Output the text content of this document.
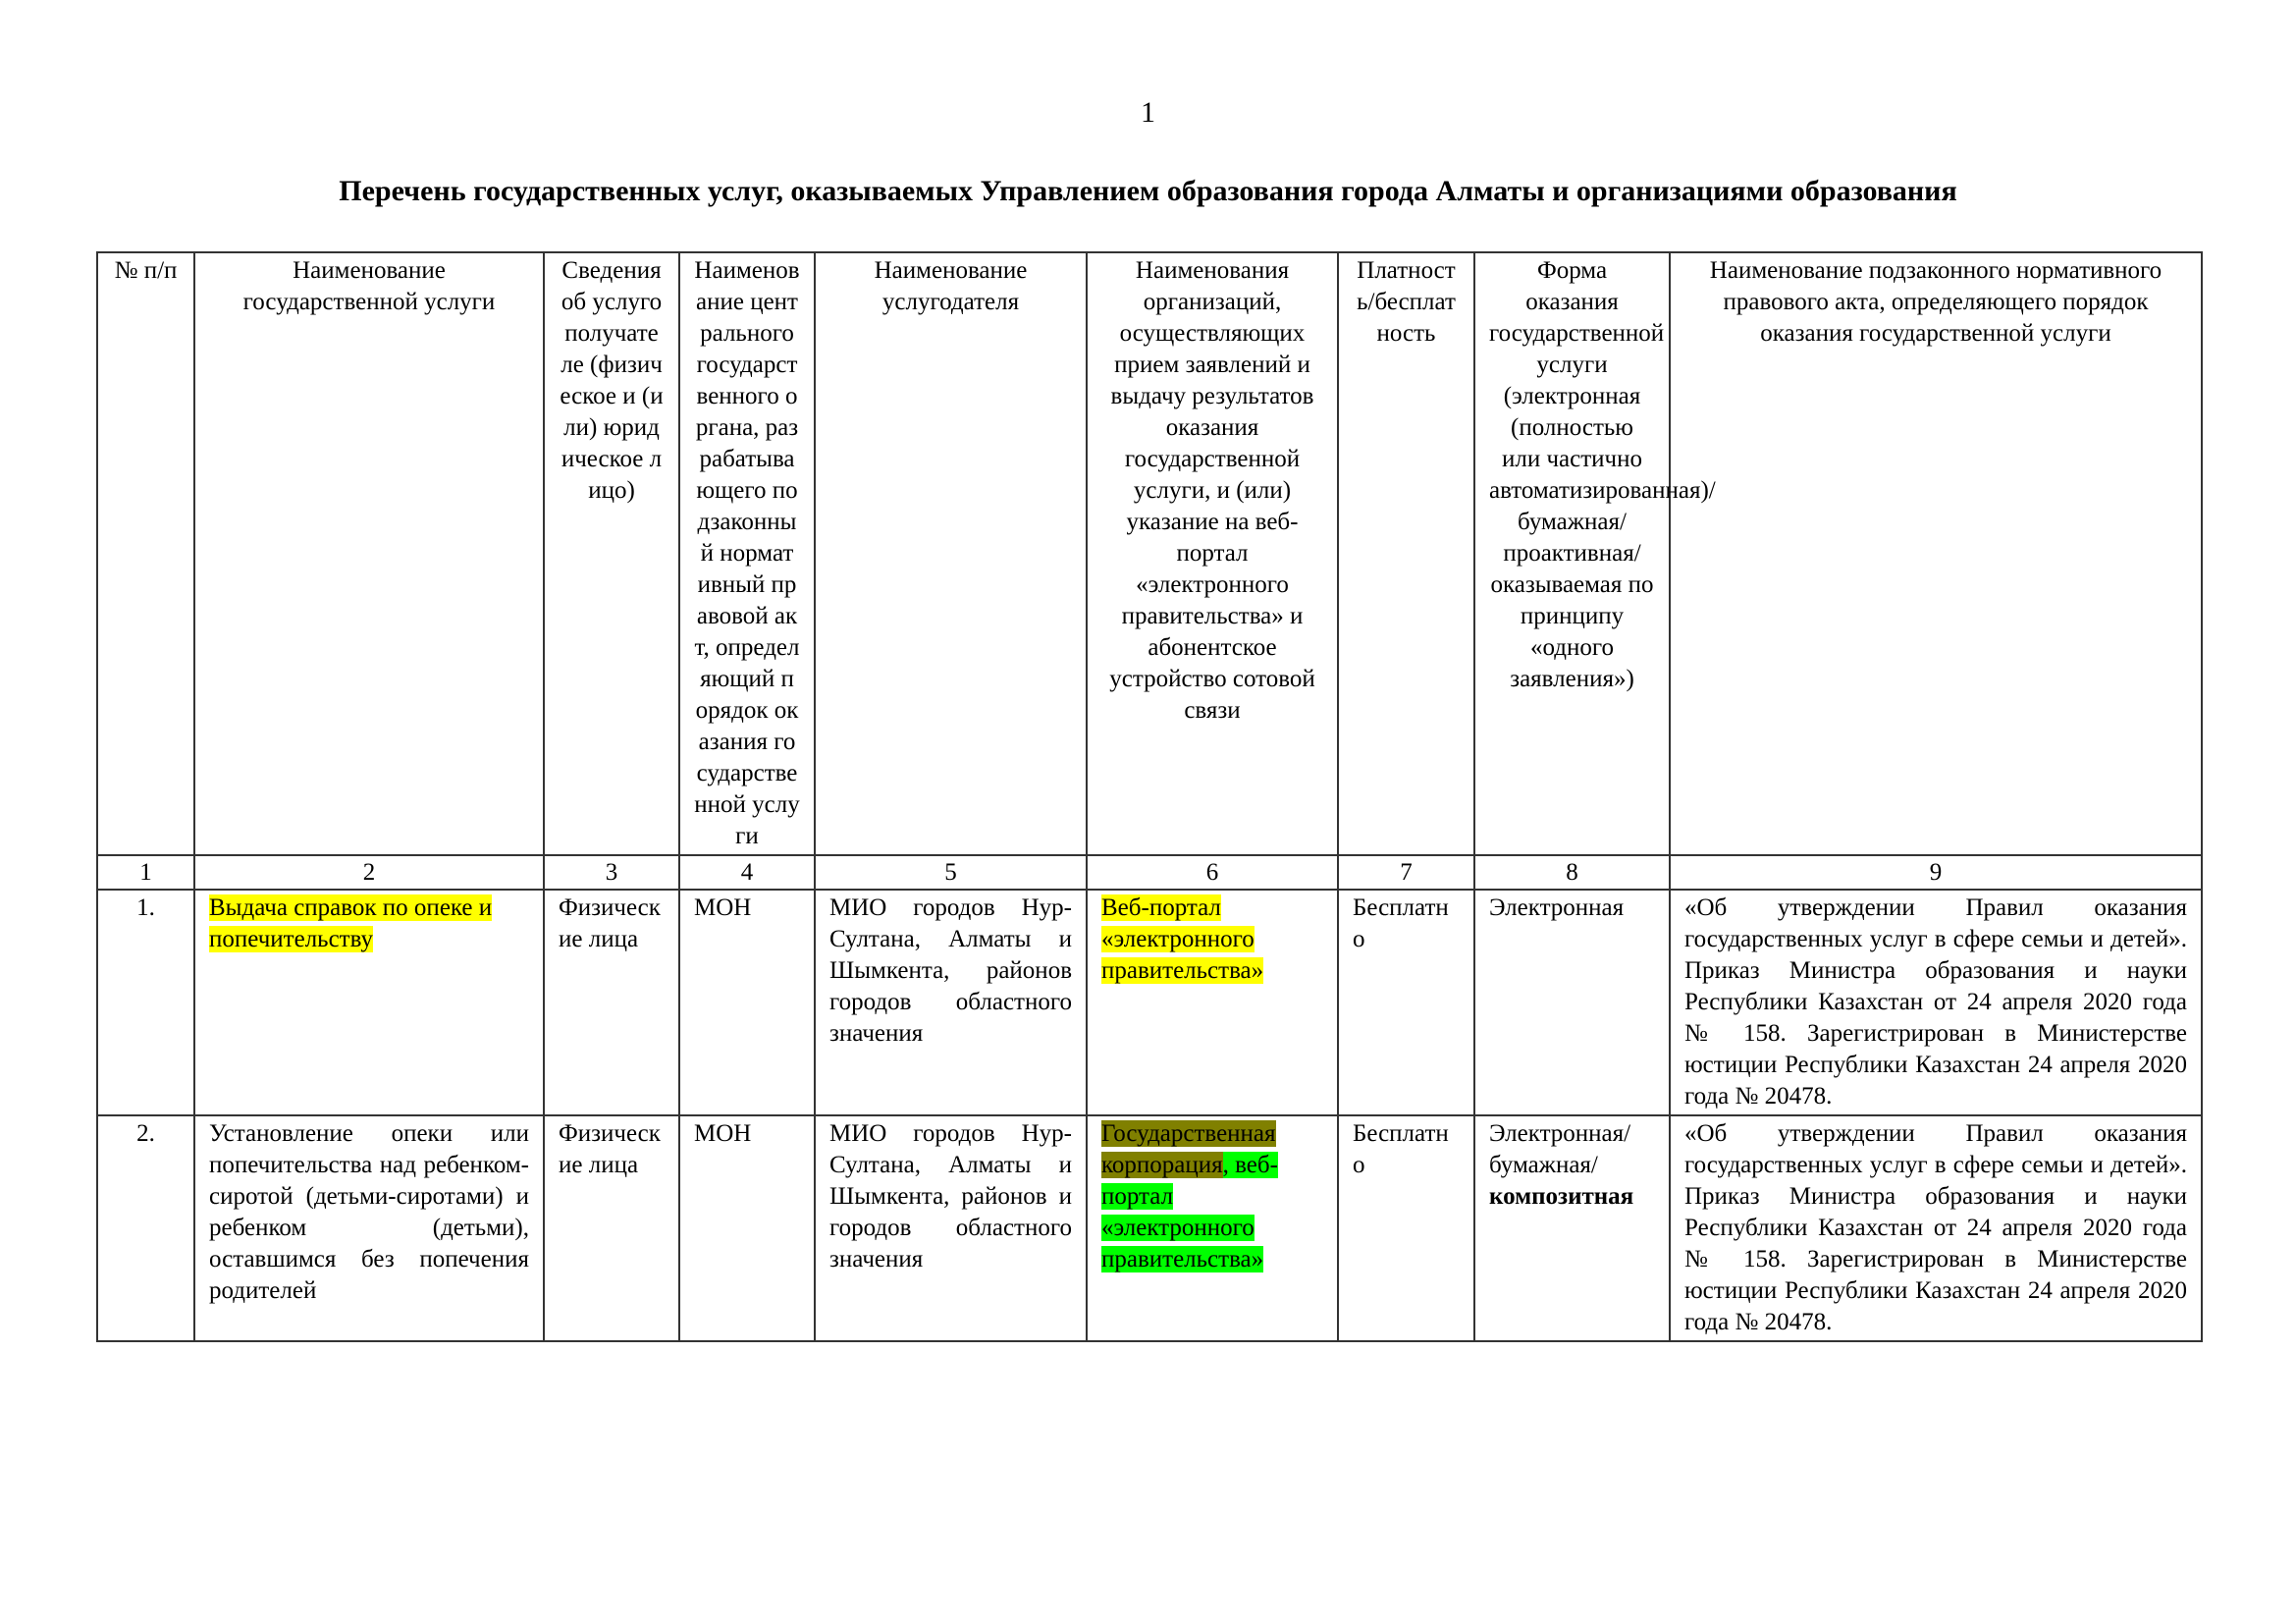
1
Перечень государственных услуг, оказываемых Управлением образования города Алматы и организациями образования
№ п/п	Наименование государственной услуги	Сведения об услугополучателе (физическое и (или) юридическое лицо)	Наименование центрального государственного органа, разрабатывающего подзаконный нормативный правовой акт, определяющий порядок оказания государственной услуги	Наименование услугодателя	Наименования организаций, осуществляющих прием заявлений и выдачу результатов оказания государственной услуги, и (или) указание на веб-портал «электронного правительства» и абонентское устройство сотовой связи	Платность/бесплатность	Форма оказания государственной услуги (электронная (полностью или частично автоматизированная)/ бумажная/ проактивная/ оказываемая по принципу «одного заявления»)	Наименование подзаконного нормативного правового акта, определяющего порядок оказания государственной услуги
1	2	3	4	5	6	7	8	9
1.	Выдача справок по опеке и попечительству	Физические лица	МОН	МИО городов Нур-Султана, Алматы и Шымкента, районов городов областного значения	Веб-портал «электронного правительства»	Бесплатно	Электронная	«Об утверждении Правил оказания государственных услуг в сфере семьи и детей». Приказ Министра образования и науки Республики Казахстан от 24 апреля 2020 года № 158. Зарегистрирован в Министерстве юстиции Республики Казахстан 24 апреля 2020 года № 20478.
2.	Установление опеки или попечительства над ребенком-сиротой (детьми-сиротами) и ребенком (детьми), оставшимся без попечения родителей	Физические лица	МОН	МИО городов Нур-Султана, Алматы и Шымкента, районов и городов областного значения	Государственная корпорация, веб-портал «электронного правительства»	Бесплатно	Электронная/ бумажная/композитная	«Об утверждении Правил оказания государственных услуг в сфере семьи и детей». Приказ Министра образования и науки Республики Казахстан от 24 апреля 2020 года № 158. Зарегистрирован в Министерстве юстиции Республики Казахстан 24 апреля 2020 года № 20478.
